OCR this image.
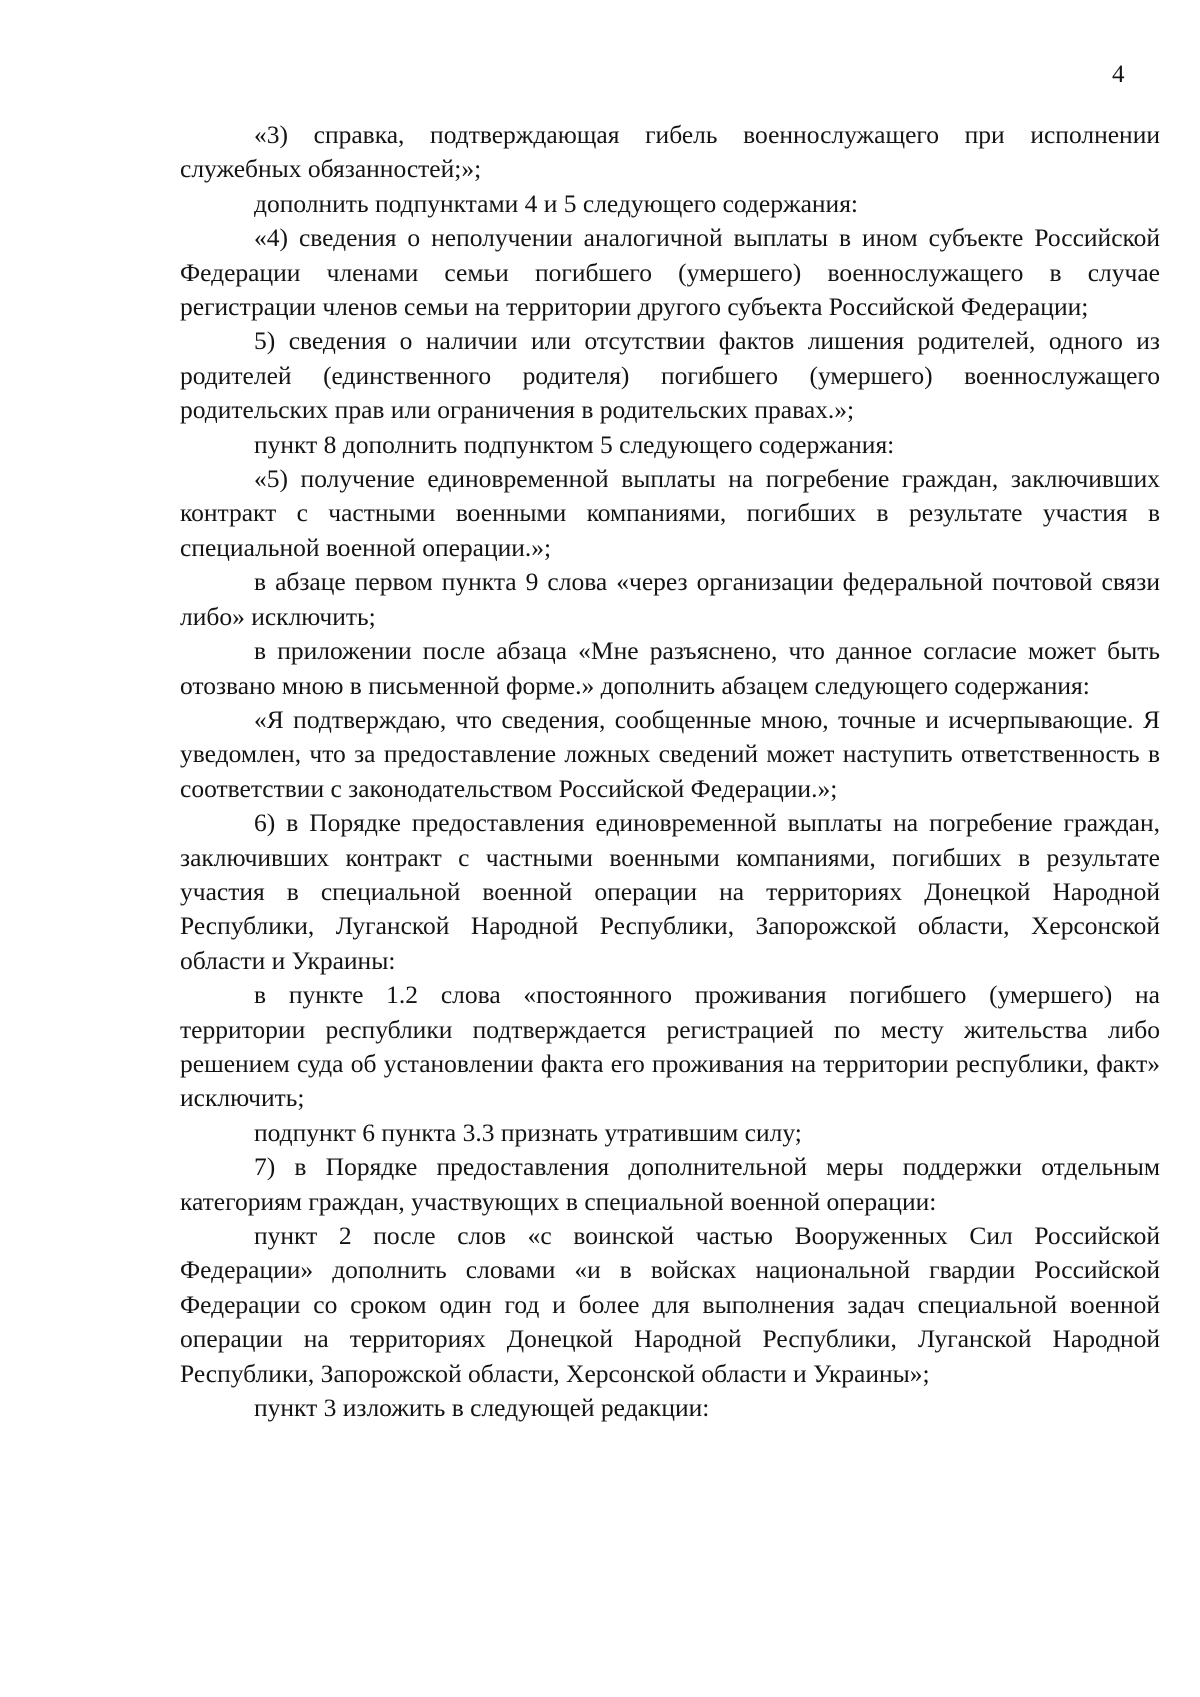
4

«3) справка, подтверждающая гибель военнослужащего при исполнении служебных обязанностей;»;

дополнить подпунктами 4 и 5 следующего содержания:

«4) сведения о неполучении аналогичной выплаты в ином субъекте Российской Федерации членами семьи погибшего (умершего) военнослужащего в случае регистрации членов семьи на территории другого субъекта Российской Федерации;

5) сведения о наличии или отсутствии фактов лишения родителей, одного из родителей (единственного родителя) погибшего (умершего) военнослужащего родительских прав или ограничения в родительских правах.»;

пункт 8 дополнить подпунктом 5 следующего содержания:

«5) получение единовременной выплаты на погребение граждан, заключивших контракт с частными военными компаниями, погибших в результате участия в специальной военной операции.»;

в абзаце первом пункта 9 слова «через организации федеральной почтовой связи либо» исключить;

в приложении после абзаца «Мне разъяснено, что данное согласие может быть отозвано мною в письменной форме.» дополнить абзацем следующего содержания:

«Я подтверждаю, что сведения, сообщенные мною, точные и исчерпывающие. Я уведомлен, что за предоставление ложных сведений может наступить ответственность в соответствии с законодательством Российской Федерации.»;

6) в Порядке предоставления единовременной выплаты на погребение граждан, заключивших контракт с частными военными компаниями, погибших в результате участия в специальной военной операции на территориях Донецкой Народной Республики, Луганской Народной Республики, Запорожской области, Херсонской области и Украины:

в пункте 1.2 слова «постоянного проживания погибшего (умершего) на территории республики подтверждается регистрацией по месту жительства либо решением суда об установлении факта его проживания на территории республики, факт» исключить;

подпункт 6 пункта 3.3 признать утратившим силу;

7) в Порядке предоставления дополнительной меры поддержки отдельным категориям граждан, участвующих в специальной военной операции:

пункт 2 после слов «с воинской частью Вооруженных Сил Российской Федерации» дополнить словами «и в войсках национальной гвардии Российской Федерации со сроком один год и более для выполнения задач специальной военной операции на территориях Донецкой Народной Республики, Луганской Народной Республики, Запорожской области, Херсонской области и Украины»;

пункт 3 изложить в следующей редакции:
